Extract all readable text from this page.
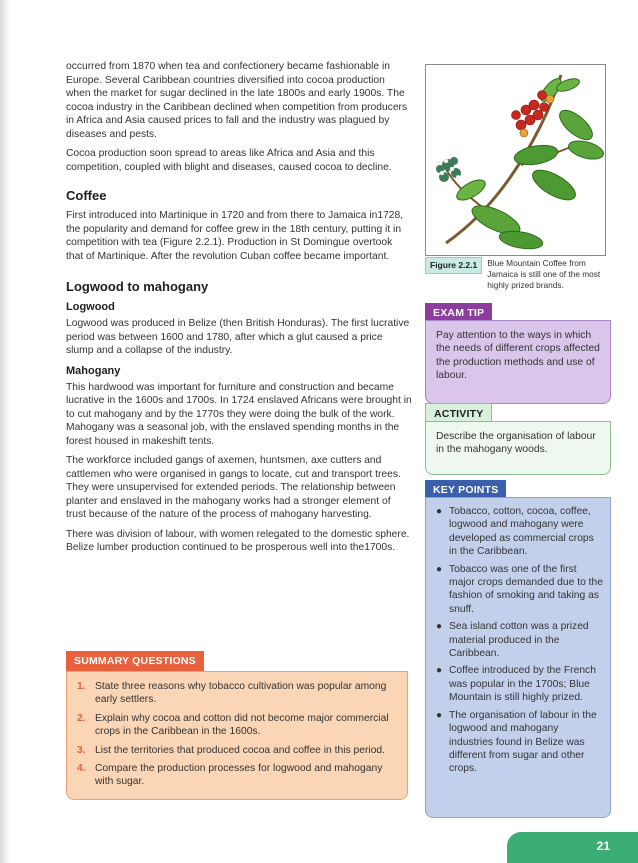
occurred from 1870 when tea and confectionery became fashionable in Europe. Several Caribbean countries diversified into cocoa production when the market for sugar declined in the late 1800s and early 1900s. The cocoa industry in the Caribbean declined when competition from producers in Africa and Asia caused prices to fall and the industry was plagued by diseases and pests.

Cocoa production soon spread to areas like Africa and Asia and this competition, coupled with blight and diseases, caused cocoa to decline.

Coffee

First introduced into Martinique in 1720 and from there to Jamaica in1728, the popularity and demand for coffee grew in the 18th century, putting it in competition with tea (Figure 2.2.1). Production in St Domingue overtook that of Martinique. After the revolution Cuban coffee became important.

Logwood to mahogany
Logwood

Logwood was produced in Belize (then British Honduras). The first lucrative period was between 1600 and 1780, after which a glut caused a price slump and a collapse of the industry.

Mahogany

This hardwood was important for furniture and construction and became lucrative in the 1600s and 1700s. In 1724 enslaved Africans were brought in to cut mahogany and by the 1770s they were doing the bulk of the work. Mahogany was a seasonal job, with the enslaved spending months in the forest housed in makeshift tents.

The workforce included gangs of axemen, huntsmen, axe cutters and cattlemen who were organised in gangs to locate, cut and transport trees. They were unsupervised for extended periods. The relationship between planter and enslaved in the mahogany works had a stronger element of trust because of the nature of the process of mahogany harvesting.

There was division of labour, with women relegated to the domestic sphere. Belize lumber production continued to be prosperous well into the1700s.

SUMMARY QUESTIONS
1. State three reasons why tobacco cultivation was popular among early settlers.
2. Explain why cocoa and cotton did not become major commercial crops in the Caribbean in the 1600s.
3. List the territories that produced cocoa and coffee in this period.
4. Compare the production processes for logwood and mahogany with sugar.
Figure 2.2.1	Blue Mountain Coffee from Jamaica is still one of the most highly prized brands.
EXAM TIP
Pay attention to the ways in which the needs of different crops affected the production methods and use of labour.
ACTIVITY
Describe the organisation of labour in the mahogany woods.
KEY POINTS
● Tobacco, cotton, cocoa, coffee, logwood and mahogany were developed as commercial crops in the Caribbean.
● Tobacco was one of the first major crops demanded due to the fashion of smoking and taking as snuff.
● Sea island cotton was a prized material produced in the Caribbean.
● Coffee introduced by the French was popular in the 1700s; Blue Mountain is still highly prized.
● The organisation of labour in the logwood and mahogany industries found in Belize was different from sugar and other crops.
21
